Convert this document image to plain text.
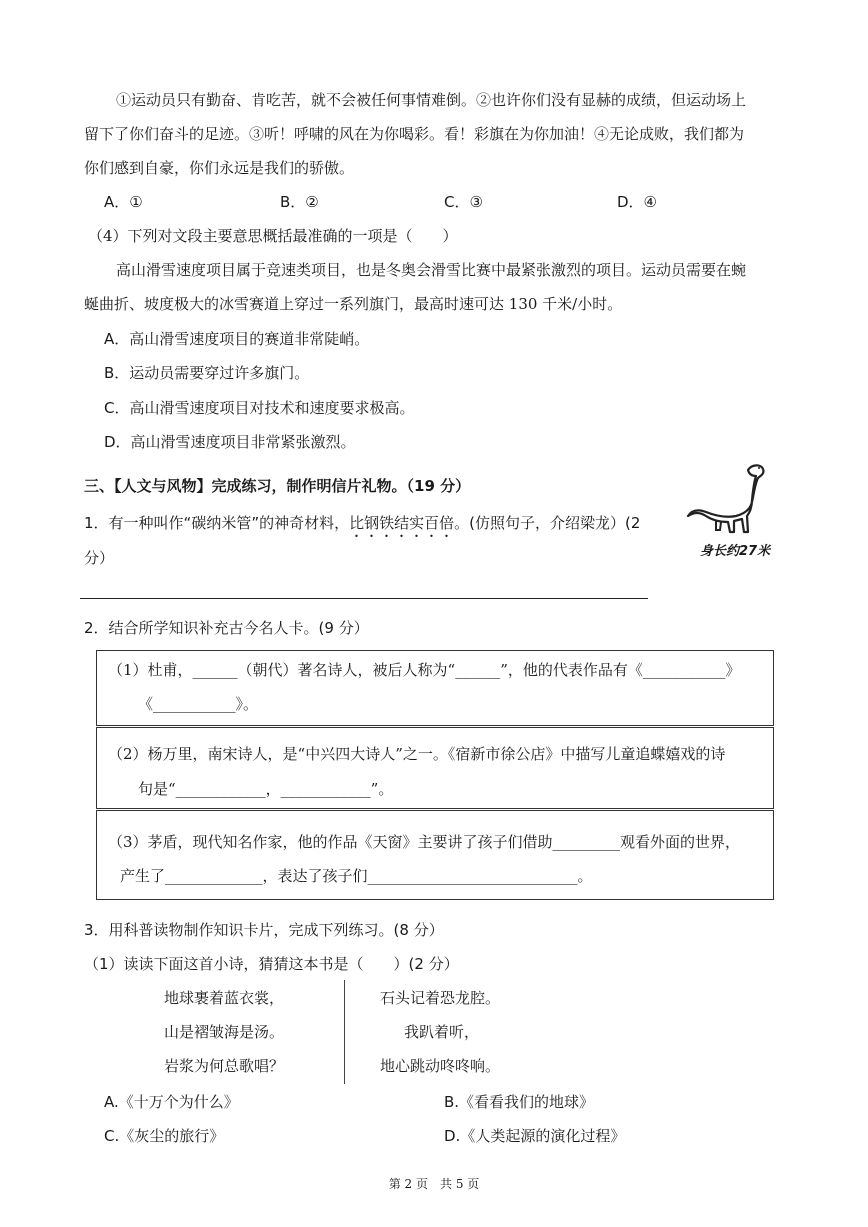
①运动员只有勤奋、肯吃苦，就不会被任何事情难倒。②也许你们没有显赫的成绩，但运动场上
留下了你们奋斗的足迹。③听！呼啸的风在为你喝彩。看！彩旗在为你加油！④无论成败，我们都为
你们感到自豪，你们永远是我们的骄傲。
A．①	B．②	C．③	D．④
（4）下列对文段主要意思概括最准确的一项是（　　）
高山滑雪速度项目属于竞速类项目，也是冬奥会滑雪比赛中最紧张激烈的项目。运动员需要在蜿
蜒曲折、坡度极大的冰雪赛道上穿过一系列旗门，最高时速可达 130 千米/小时。
A．高山滑雪速度项目的赛道非常陡峭。
B．运动员需要穿过许多旗门。
C．高山滑雪速度项目对技术和速度要求极高。
D．高山滑雪速度项目非常紧张激烈。
三、【人文与风物】完成练习，制作明信片礼物。（19 分）
1．有一种叫作“碳纳米管”的神奇材料，比钢铁结实百倍。(仿照句子，介绍梁龙）(2
分）	身长约27米
2．结合所学知识补充古今名人卡。(9 分）
（1）杜甫，______（朝代）著名诗人，被后人称为“______”，他的代表作品有《___________》
《___________》。
（2）杨万里，南宋诗人，是“中兴四大诗人”之一。《宿新市徐公店》中描写儿童追蝶嬉戏的诗
句是“____________，____________”。
（3）茅盾，现代知名作家，他的作品《天窗》主要讲了孩子们借助_________观看外面的世界，
产生了_____________，表达了孩子们____________________________。
3．用科普读物制作知识卡片，完成下列练习。(8 分）
（1）读读下面这首小诗，猜猜这本书是（　　）(2 分）
地球裹着蓝衣裳，
山是褶皱海是汤。
岩浆为何总歌唱？
石头记着恐龙腔。
我趴着听，
地心跳动咚咚响。
A.《十万个为什么》	B.《看看我们的地球》
C.《灰尘的旅行》	D.《人类起源的演化过程》
第 2 页　共 5 页
